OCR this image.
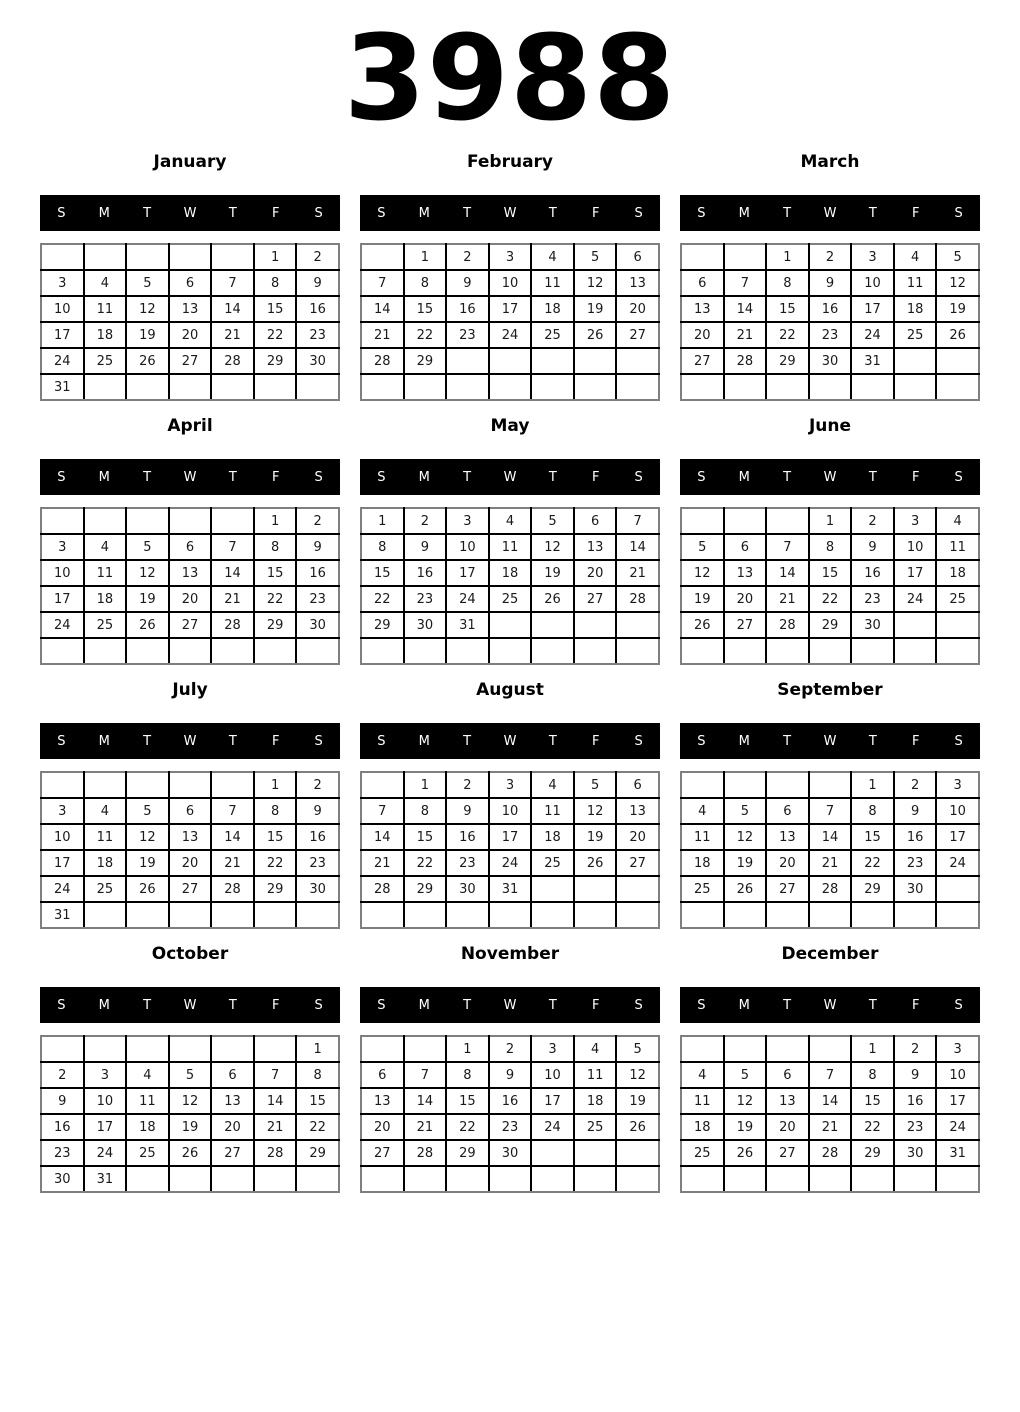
3988
January
S	M	T	W	T	F	S
					1	2
3	4	5	6	7	8	9
10	11	12	13	14	15	16
17	18	19	20	21	22	23
24	25	26	27	28	29	30
31						
February
S	M	T	W	T	F	S
	1	2	3	4	5	6
7	8	9	10	11	12	13
14	15	16	17	18	19	20
21	22	23	24	25	26	27
28	29					

March
S	M	T	W	T	F	S
		1	2	3	4	5
6	7	8	9	10	11	12
13	14	15	16	17	18	19
20	21	22	23	24	25	26
27	28	29	30	31		

April
S	M	T	W	T	F	S
					1	2
3	4	5	6	7	8	9
10	11	12	13	14	15	16
17	18	19	20	21	22	23
24	25	26	27	28	29	30

May
S	M	T	W	T	F	S
1	2	3	4	5	6	7
8	9	10	11	12	13	14
15	16	17	18	19	20	21
22	23	24	25	26	27	28
29	30	31				

June
S	M	T	W	T	F	S
			1	2	3	4
5	6	7	8	9	10	11
12	13	14	15	16	17	18
19	20	21	22	23	24	25
26	27	28	29	30		

July
S	M	T	W	T	F	S
					1	2
3	4	5	6	7	8	9
10	11	12	13	14	15	16
17	18	19	20	21	22	23
24	25	26	27	28	29	30
31						
August
S	M	T	W	T	F	S
	1	2	3	4	5	6
7	8	9	10	11	12	13
14	15	16	17	18	19	20
21	22	23	24	25	26	27
28	29	30	31			

September
S	M	T	W	T	F	S
				1	2	3
4	5	6	7	8	9	10
11	12	13	14	15	16	17
18	19	20	21	22	23	24
25	26	27	28	29	30	

October
S	M	T	W	T	F	S
						1
2	3	4	5	6	7	8
9	10	11	12	13	14	15
16	17	18	19	20	21	22
23	24	25	26	27	28	29
30	31					
November
S	M	T	W	T	F	S
		1	2	3	4	5
6	7	8	9	10	11	12
13	14	15	16	17	18	19
20	21	22	23	24	25	26
27	28	29	30			

December
S	M	T	W	T	F	S
				1	2	3
4	5	6	7	8	9	10
11	12	13	14	15	16	17
18	19	20	21	22	23	24
25	26	27	28	29	30	31
